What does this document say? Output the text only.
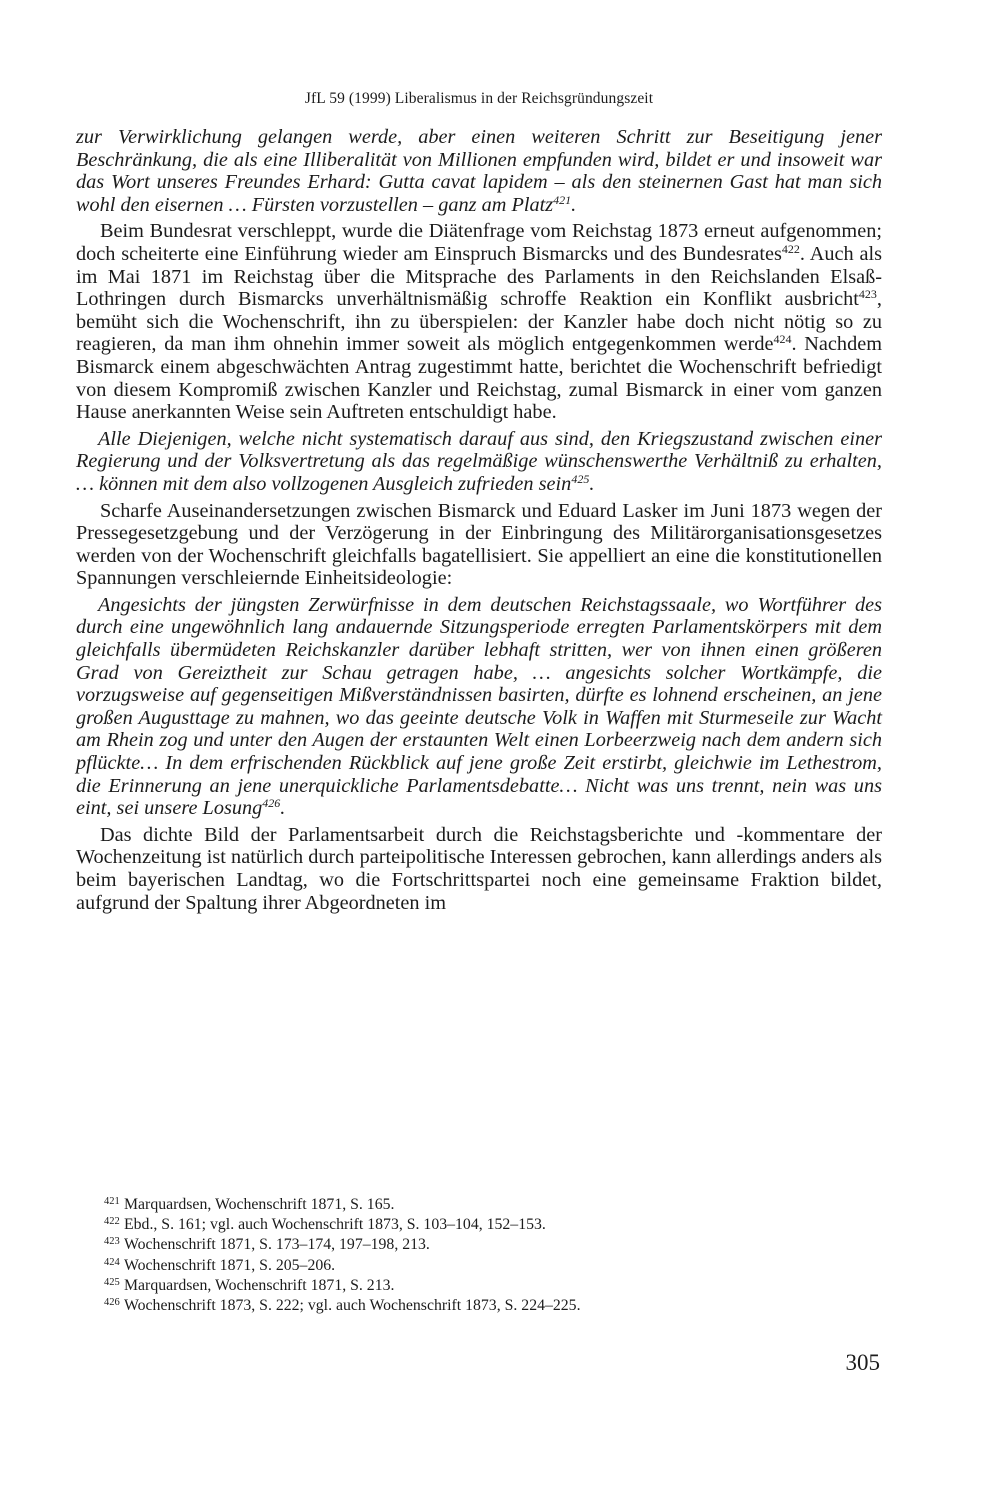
JfL 59 (1999) Liberalismus in der Reichsgründungszeit

zur Verwirklichung gelangen werde, aber einen weiteren Schritt zur Beseitigung jener Beschränkung, die als eine Illiberalität von Millionen empfunden wird, bildet er und insoweit war das Wort unseres Freundes Erhard: Gutta cavat lapidem – als den steinernen Gast hat man sich wohl den eisernen … Fürsten vorzustellen – ganz am Platz$^{421}$.

Beim Bundesrat verschleppt, wurde die Diätenfrage vom Reichstag 1873 erneut aufgenommen; doch scheiterte eine Einführung wieder am Einspruch Bismarcks und des Bundesrates$^{422}$. Auch als im Mai 1871 im Reichstag über die Mitsprache des Parlaments in den Reichslanden Elsaß-Lothringen durch Bismarcks unverhältnismäßig schroffe Reaktion ein Konflikt ausbricht$^{423}$, bemüht sich die Wochenschrift, ihn zu überspielen: der Kanzler habe doch nicht nötig so zu reagieren, da man ihm ohnehin immer soweit als möglich entgegenkommen werde$^{424}$. Nachdem Bismarck einem abgeschwächten Antrag zugestimmt hatte, berichtet die Wochenschrift befriedigt von diesem Kompromiß zwischen Kanzler und Reichstag, zumal Bismarck in einer vom ganzen Hause anerkannten Weise sein Auftreten entschuldigt habe.

Alle Diejenigen, welche nicht systematisch darauf aus sind, den Kriegszustand zwischen einer Regierung und der Volksvertretung als das regelmäßige wünschenswerthe Verhältniß zu erhalten, … können mit dem also vollzogenen Ausgleich zufrieden sein$^{425}$.

Scharfe Auseinandersetzungen zwischen Bismarck und Eduard Lasker im Juni 1873 wegen der Pressegesetzgebung und der Verzögerung in der Einbringung des Militärorganisationsgesetzes werden von der Wochenschrift gleichfalls bagatellisiert. Sie appelliert an eine die konstitutionellen Spannungen verschleiernde Einheitsideologie:

Angesichts der jüngsten Zerwürfnisse in dem deutschen Reichstagssaale, wo Wortführer des durch eine ungewöhnlich lang andauernde Sitzungsperiode erregten Parlamentskörpers mit dem gleichfalls übermüdeten Reichskanzler darüber lebhaft stritten, wer von ihnen einen größeren Grad von Gereiztheit zur Schau getragen habe, … angesichts solcher Wortkämpfe, die vorzugsweise auf gegenseitigen Mißverständnissen basirten, dürfte es lohnend erscheinen, an jene großen Augusttage zu mahnen, wo das geeinte deutsche Volk in Waffen mit Sturmeseile zur Wacht am Rhein zog und unter den Augen der erstaunten Welt einen Lorbeerzweig nach dem andern sich pflückte… In dem erfrischenden Rückblick auf jene große Zeit erstirbt, gleichwie im Lethestrom, die Erinnerung an jene unerquickliche Parlamentsdebatte… Nicht was uns trennt, nein was uns eint, sei unsere Losung$^{426}$.

Das dichte Bild der Parlamentsarbeit durch die Reichstagsberichte und -kommentare der Wochenzeitung ist natürlich durch parteipolitische Interessen gebrochen, kann allerdings anders als beim bayerischen Landtag, wo die Fortschrittspartei noch eine gemeinsame Fraktion bildet, aufgrund der Spaltung ihrer Abgeordneten im

421 Marquardsen, Wochenschrift 1871, S. 165.
422 Ebd., S. 161; vgl. auch Wochenschrift 1873, S. 103–104, 152–153.
423 Wochenschrift 1871, S. 173–174, 197–198, 213.
424 Wochenschrift 1871, S. 205–206.
425 Marquardsen, Wochenschrift 1871, S. 213.
426 Wochenschrift 1873, S. 222; vgl. auch Wochenschrift 1873, S. 224–225.
305
